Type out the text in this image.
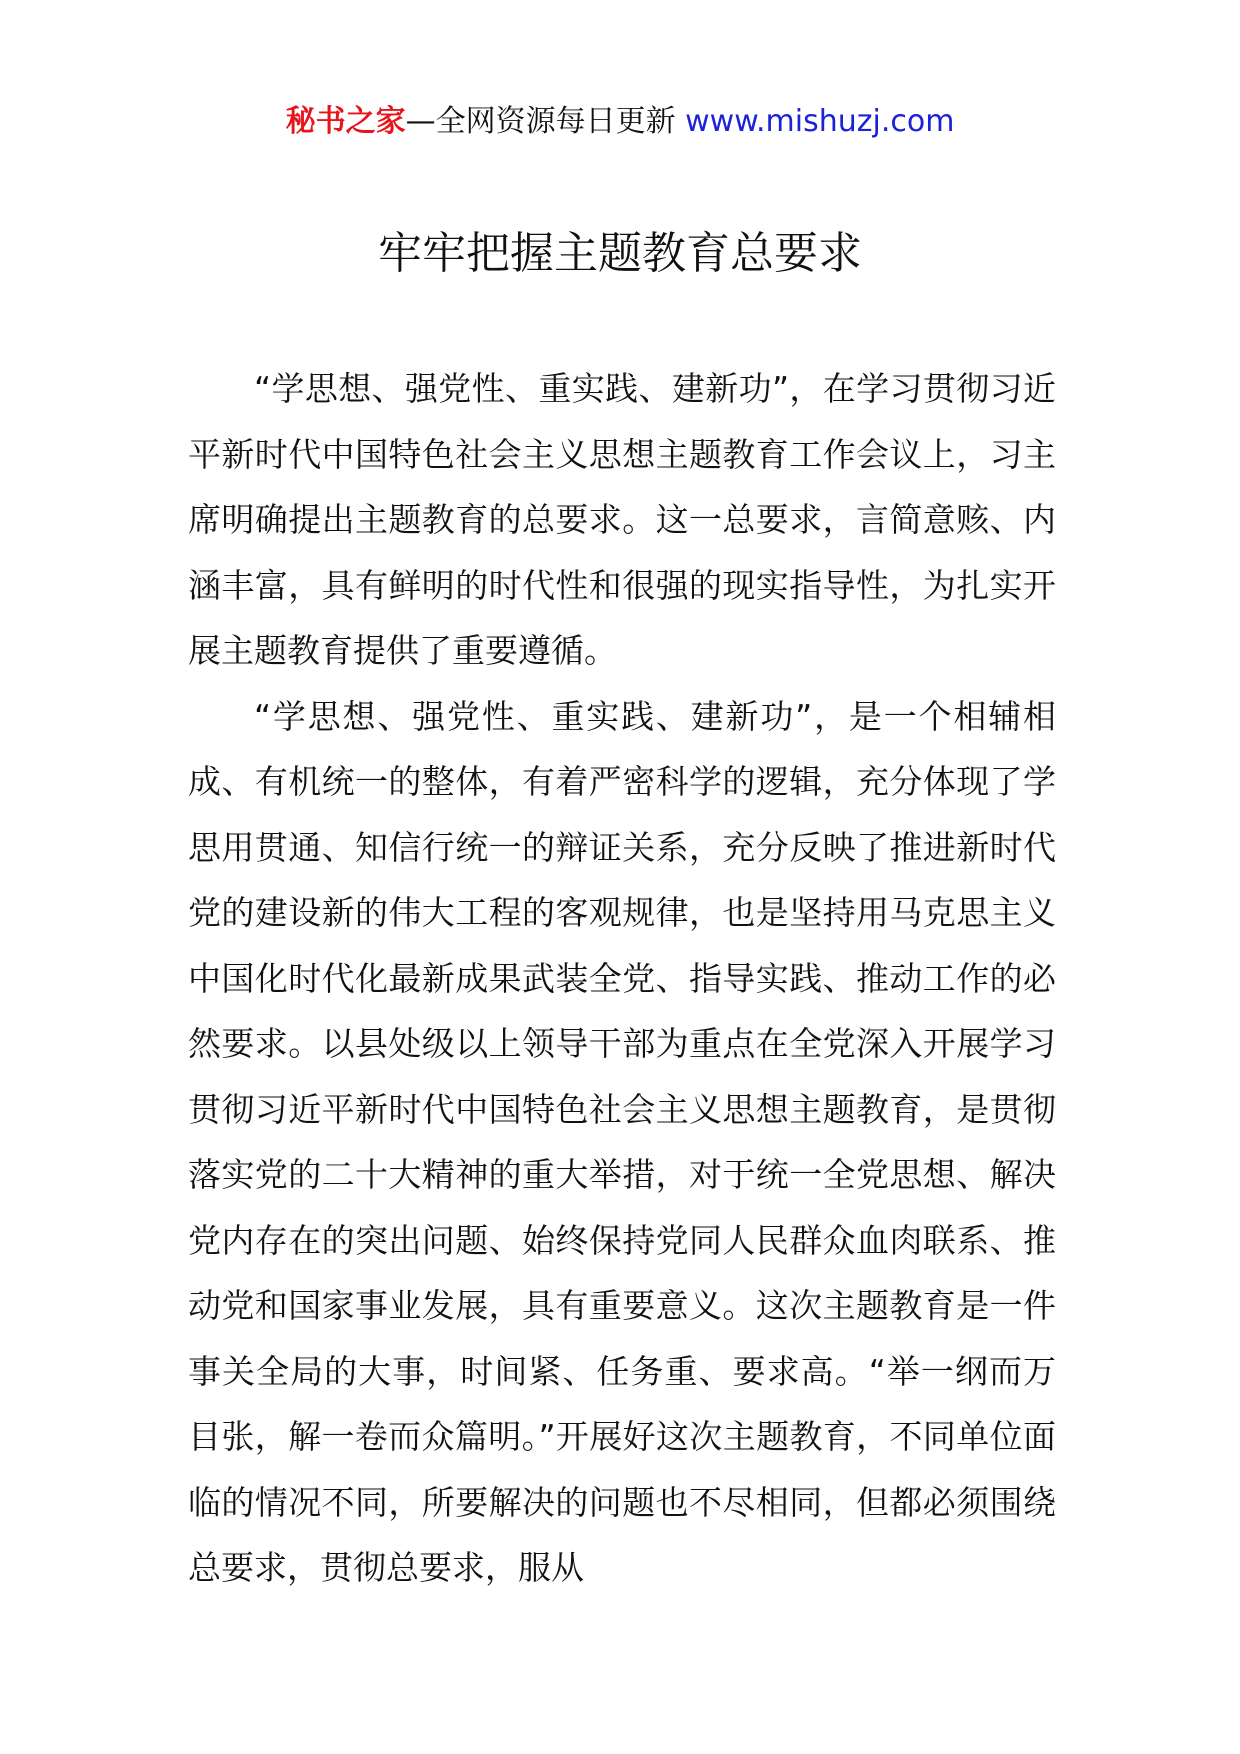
秘书之家—全网资源每日更新 www.mishuzj.com
牢牢把握主题教育总要求

“学思想、强党性、重实践、建新功”，在学习贯彻习近平新时代中国特色社会主义思想主题教育工作会议上，习主席明确提出主题教育的总要求。这一总要求，言简意赅、内涵丰富，具有鲜明的时代性和很强的现实指导性，为扎实开展主题教育提供了重要遵循。

“学思想、强党性、重实践、建新功”，是一个相辅相成、有机统一的整体，有着严密科学的逻辑，充分体现了学思用贯通、知信行统一的辩证关系，充分反映了推进新时代党的建设新的伟大工程的客观规律，也是坚持用马克思主义中国化时代化最新成果武装全党、指导实践、推动工作的必然要求。以县处级以上领导干部为重点在全党深入开展学习贯彻习近平新时代中国特色社会主义思想主题教育，是贯彻落实党的二十大精神的重大举措，对于统一全党思想、解决党内存在的突出问题、始终保持党同人民群众血肉联系、推动党和国家事业发展，具有重要意义。这次主题教育是一件事关全局的大事，时间紧、任务重、要求高。“举一纲而万目张，解一卷而众篇明。”开展好这次主题教育，不同单位面临的情况不同，所要解决的问题也不尽相同，但都必须围绕总要求，贯彻总要求，服从
